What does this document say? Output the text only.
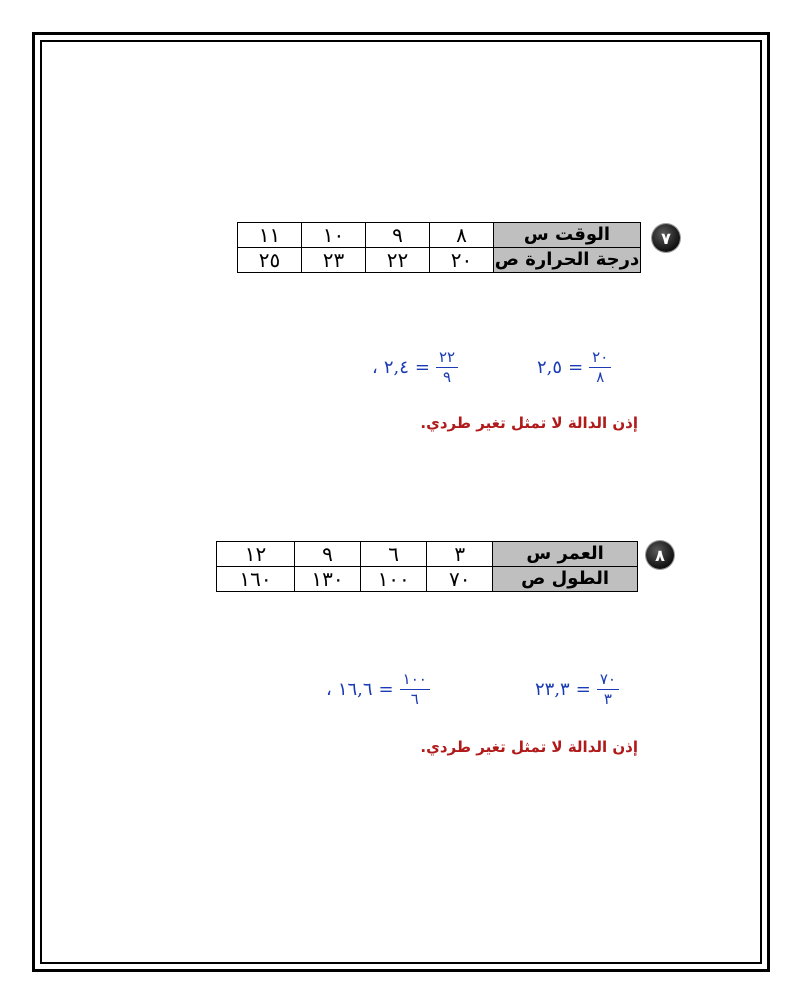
٧
الوقت س	٨	٩	١٠	١١
درجة الحرارة ص	٢٠	٢٢	٢٣	٢٥
، ٢,٤ = $\frac{٢٢}{٩}$	٢,٥ = $\frac{٢٠}{٨}$
إذن الدالة لا تمثل تغير طردي.
٨
العمر س	٣	٦	٩	١٢
الطول ص	٧٠	١٠٠	١٣٠	١٦٠
، ١٦,٦ = $\frac{١٠٠}{٦}$	٢٣,٣ = $\frac{٧٠}{٣}$
إذن الدالة لا تمثل تغير طردي.
